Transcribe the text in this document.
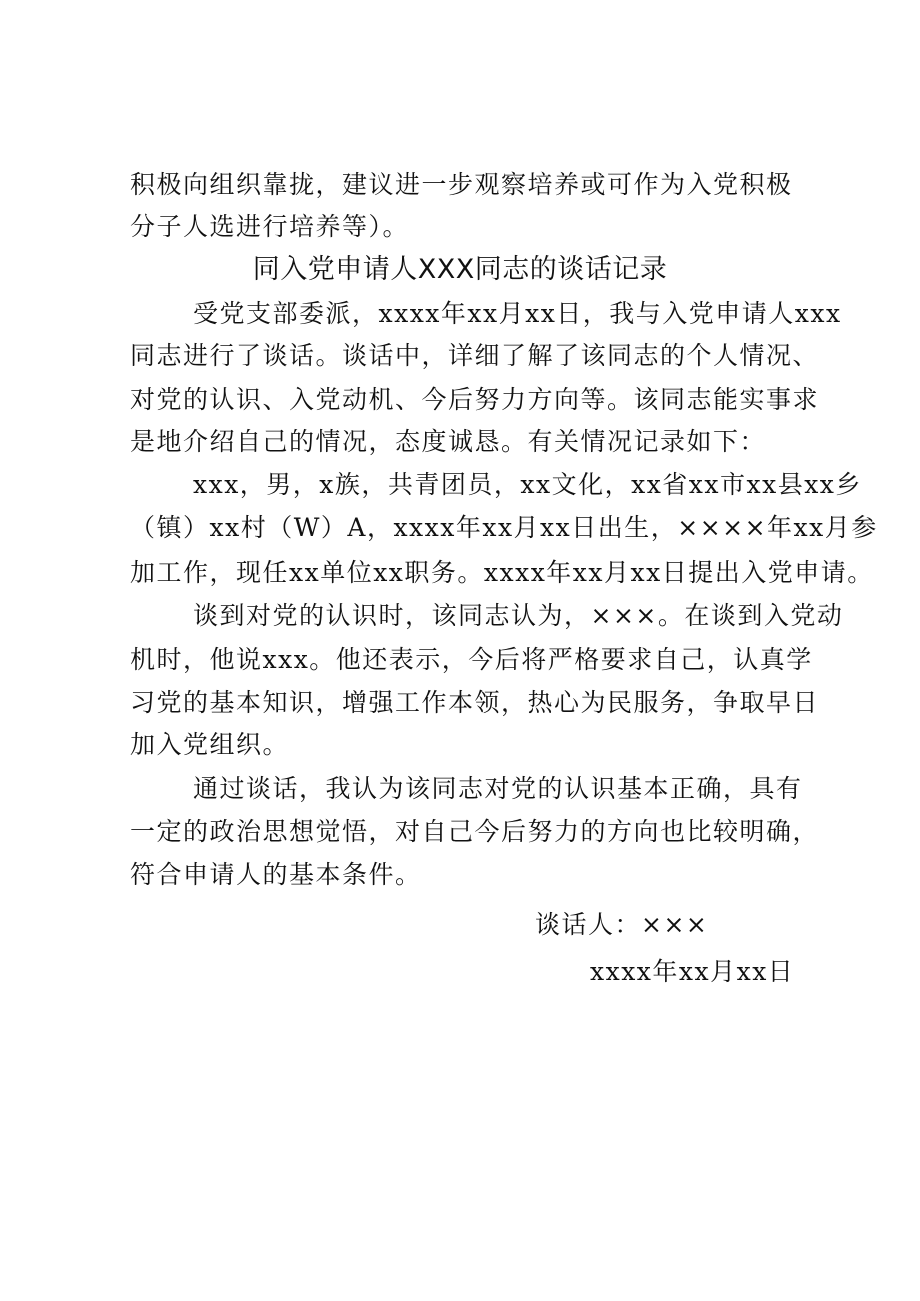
积极向组织靠拢，建议进一步观察培养或可作为入党积极
分子人选进行培养等）。
同入党申请人XXX同志的谈话记录
受党支部委派，xxxx年xx月xx日，我与入党申请人xxx
同志进行了谈话。谈话中，详细了解了该同志的个人情况、
对党的认识、入党动机、今后努力方向等。该同志能实事求
是地介绍自己的情况，态度诚恳。有关情况记录如下：
xxx，男，x族，共青团员，xx文化，xx省xx市xx县xx乡
（镇）xx村（W）A，xxxx年xx月xx日出生，××××年xx月参
加工作，现任xx单位xx职务。xxxx年xx月xx日提出入党申请。
谈到对党的认识时，该同志认为，×××。在谈到入党动
机时，他说xxx。他还表示，今后将严格要求自己，认真学
习党的基本知识，增强工作本领，热心为民服务，争取早日
加入党组织。
通过谈话，我认为该同志对党的认识基本正确，具有
一定的政治思想觉悟，对自己今后努力的方向也比较明确，
符合申请人的基本条件。
谈话人：×××
xxxx年xx月xx日
